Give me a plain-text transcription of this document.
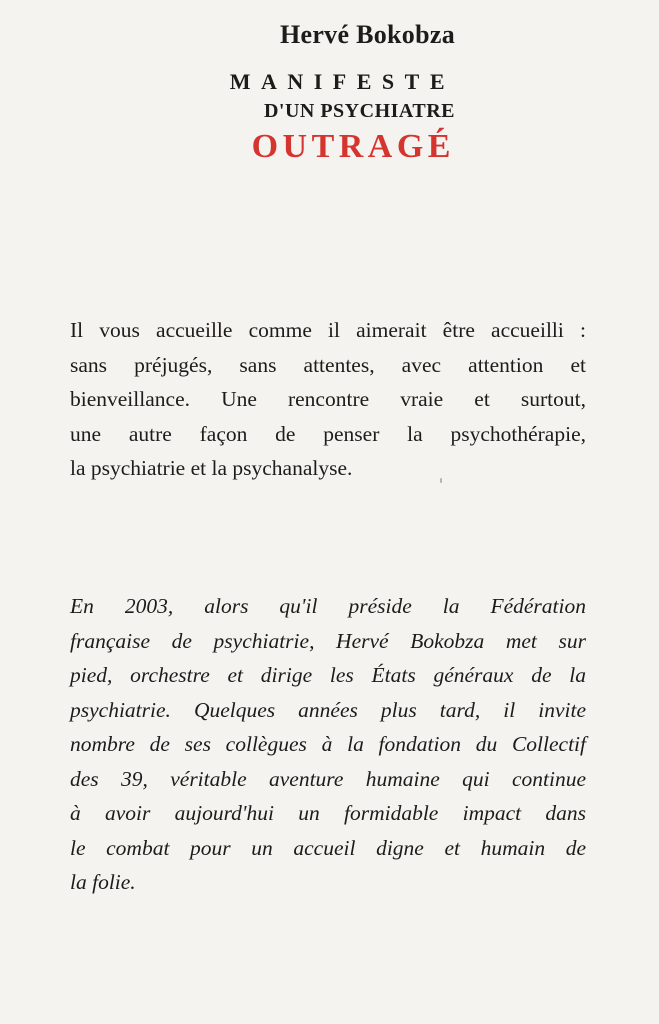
Hervé Bokobza
MANIFESTE
D'UN PSYCHIATRE
OUTRAGÉ
Il vous accueille comme il aimerait être accueilli :
sans préjugés, sans attentes, avec attention et
bienveillance. Une rencontre vraie et surtout,
une autre façon de penser la psychothérapie,
la psychiatrie et la psychanalyse.
En 2003, alors qu'il préside la Fédération
française de psychiatrie, Hervé Bokobza met sur
pied, orchestre et dirige les États généraux de la
psychiatrie. Quelques années plus tard, il invite
nombre de ses collègues à la fondation du Collectif
des 39, véritable aventure humaine qui continue
à avoir aujourd'hui un formidable impact dans
le combat pour un accueil digne et humain de
la folie.
